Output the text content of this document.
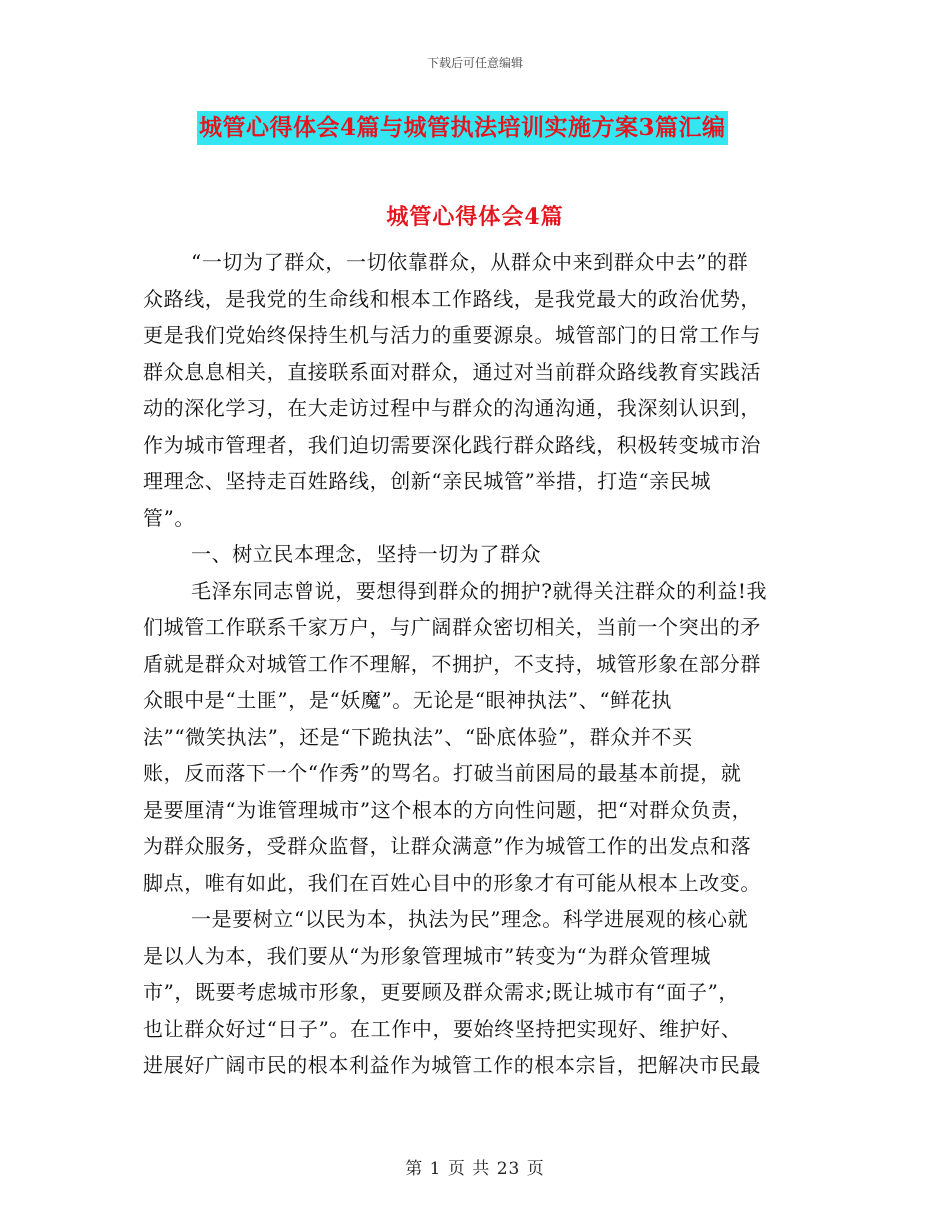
下载后可任意编辑
城管心得体会4篇与城管执法培训实施方案3篇汇编
城管心得体会4篇
“一切为了群众，一切依靠群众，从群众中来到群众中去”的群
众路线，是我党的生命线和根本工作路线，是我党最大的政治优势，
更是我们党始终保持生机与活力的重要源泉。城管部门的日常工作与
群众息息相关，直接联系面对群众，通过对当前群众路线教育实践活
动的深化学习，在大走访过程中与群众的沟通沟通，我深刻认识到，
作为城市管理者，我们迫切需要深化践行群众路线，积极转变城市治
理理念、坚持走百姓路线，创新“亲民城管”举措，打造“亲民城
管”。
一、树立民本理念，坚持一切为了群众
毛泽东同志曾说，要想得到群众的拥护?就得关注群众的利益!我
们城管工作联系千家万户，与广阔群众密切相关，当前一个突出的矛
盾就是群众对城管工作不理解，不拥护，不支持，城管形象在部分群
众眼中是“土匪”，是“妖魔”。无论是“眼神执法”、“鲜花执
法”“微笑执法”，还是“下跪执法”、“卧底体验”，群众并不买
账，反而落下一个“作秀”的骂名。打破当前困局的最基本前提，就
是要厘清“为谁管理城市”这个根本的方向性问题，把“对群众负责，
为群众服务，受群众监督，让群众满意”作为城管工作的出发点和落
脚点，唯有如此，我们在百姓心目中的形象才有可能从根本上改变。
一是要树立“以民为本，执法为民”理念。科学进展观的核心就
是以人为本，我们要从“为形象管理城市”转变为“为群众管理城
市”，既要考虑城市形象，更要顾及群众需求;既让城市有“面子”，
也让群众好过“日子”。在工作中，要始终坚持把实现好、维护好、
进展好广阔市民的根本利益作为城管工作的根本宗旨，把解决市民最
第 1 页 共 23 页
